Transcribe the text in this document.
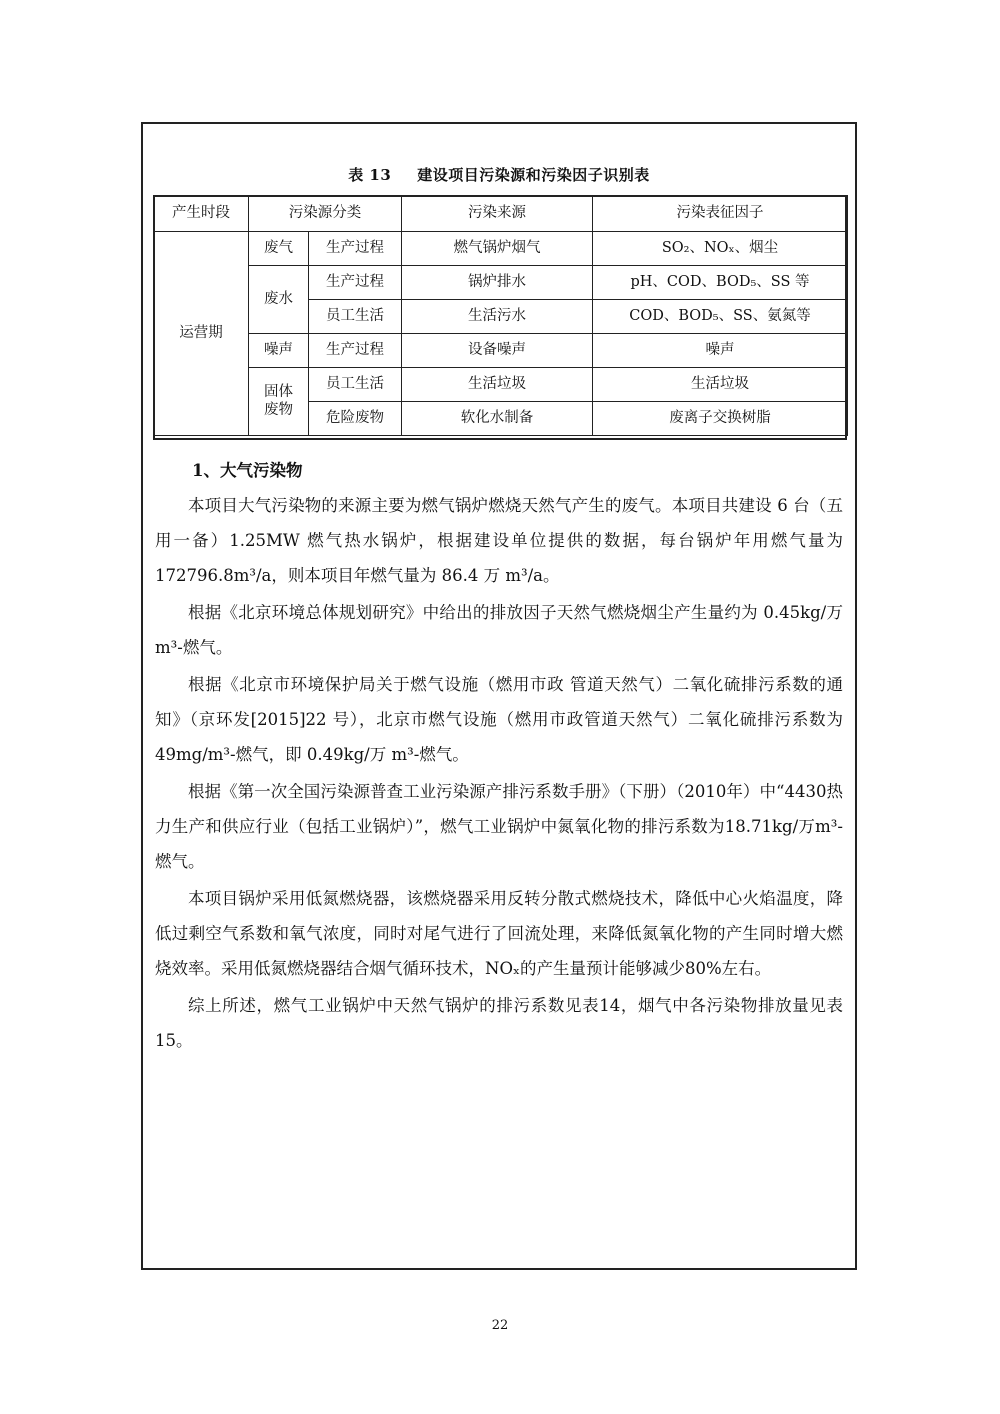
表 13 建设项目污染源和污染因子识别表
产生时段	污染源分类		污染来源	污染表征因子
运营期	废气	生产过程	燃气锅炉烟气	SO₂、NOₓ、烟尘
	废水	生产过程	锅炉排水	pH、COD、BOD₅、SS 等
		员工生活	生活污水	COD、BOD₅、SS、氨氮等
	噪声	生产过程	设备噪声	噪声
	固体废物	员工生活	生活垃圾	生活垃圾
		危险废物	软化水制备	废离子交换树脂
1、大气污染物

本项目大气污染物的来源主要为燃气锅炉燃烧天然气产生的废气。本项目共建设 6 台（五用一备）1.25MW 燃气热水锅炉，根据建设单位提供的数据，每台锅炉年用燃气量为 172796.8m³/a，则本项目年燃气量为 86.4 万 m³/a。

根据《北京环境总体规划研究》中给出的排放因子天然气燃烧烟尘产生量约为 0.45kg/万 m³-燃气。

根据《北京市环境保护局关于燃气设施（燃用市政 管道天然气）二氧化硫排污系数的通知》（京环发[2015]22 号），北京市燃气设施（燃用市政管道天然气）二氧化硫排污系数为 49mg/m³-燃气，即 0.49kg/万 m³-燃气。

根据《第一次全国污染源普查工业污染源产排污系数手册》（下册）（2010年）中“4430热力生产和供应行业（包括工业锅炉）”，燃气工业锅炉中氮氧化物的排污系数为18.71kg/万m³-燃气。

本项目锅炉采用低氮燃烧器，该燃烧器采用反转分散式燃烧技术，降低中心火焰温度，降低过剩空气系数和氧气浓度，同时对尾气进行了回流处理，来降低氮氧化物的产生同时增大燃烧效率。采用低氮燃烧器结合烟气循环技术，NOₓ的产生量预计能够减少80%左右。

综上所述，燃气工业锅炉中天然气锅炉的排污系数见表14，烟气中各污染物排放量见表15。

22
